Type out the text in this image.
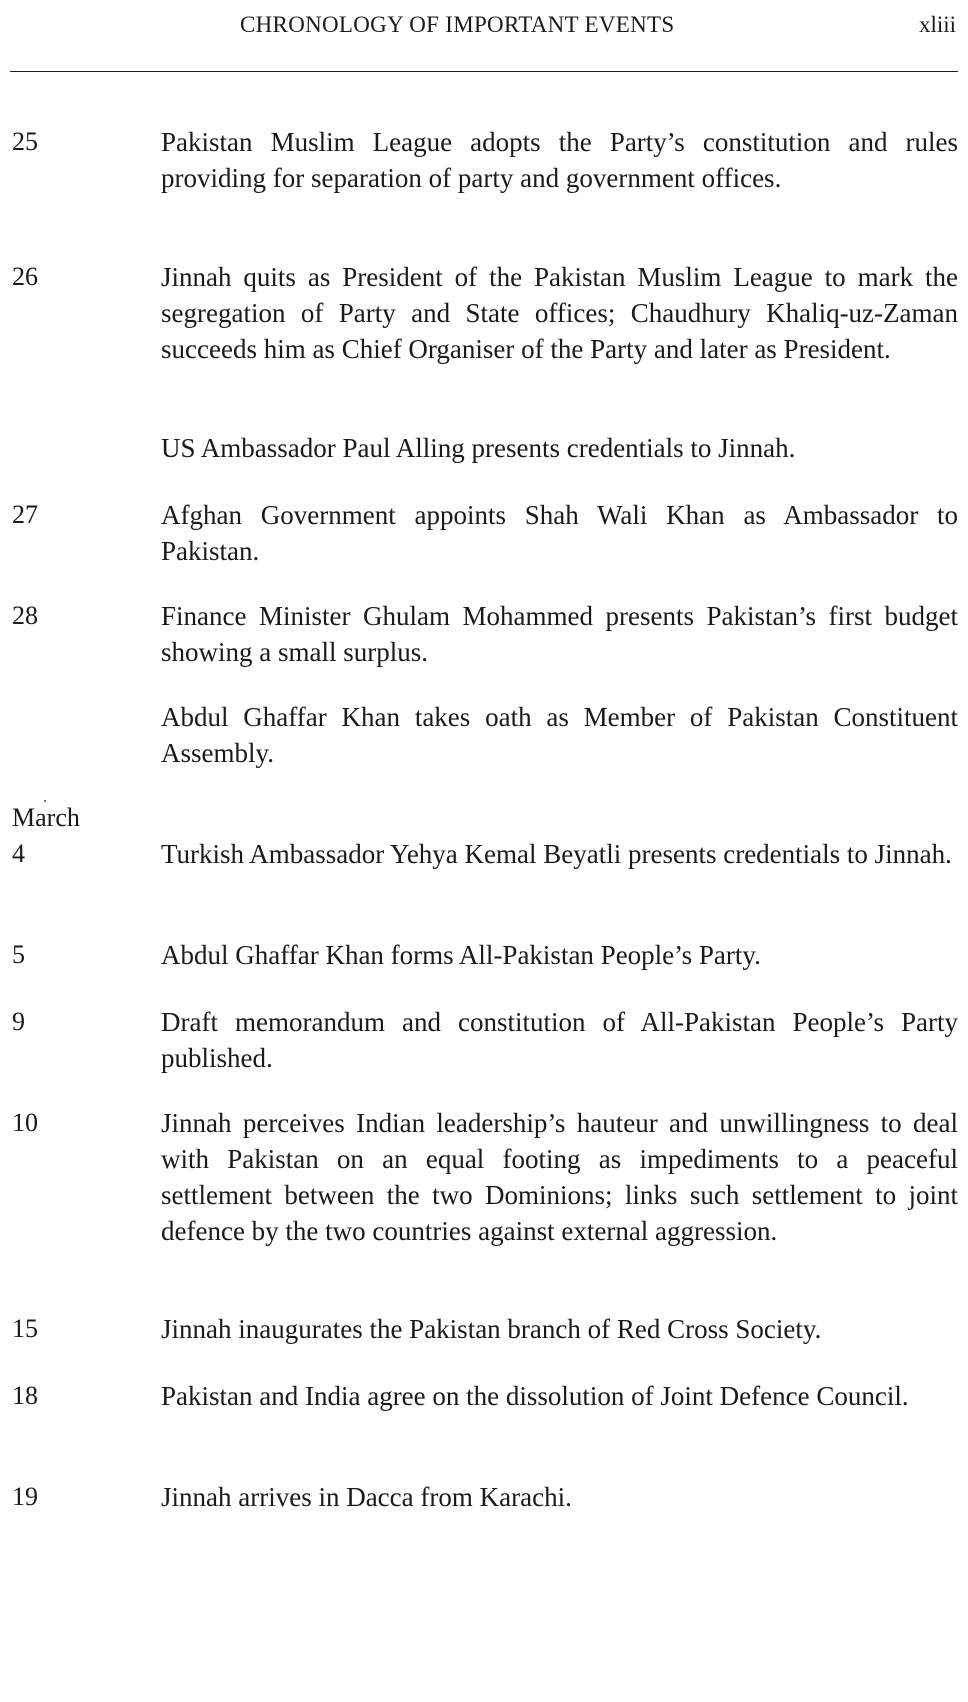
CHRONOLOGY OF IMPORTANT EVENTS	xliii
25	Pakistan Muslim League adopts the Party’s constitution and rules providing for separation of party and government offices.
26	Jinnah quits as President of the Pakistan Muslim League to mark the segregation of Party and State offices; Chaudhury Khaliq-uz-Zaman succeeds him as Chief Organiser of the Party and later as President.
US Ambassador Paul Alling presents credentials to Jinnah.
27	Afghan Government appoints Shah Wali Khan as Ambassador to Pakistan.
28	Finance Minister Ghulam Mohammed presents Pakistan’s first budget showing a small surplus.
Abdul Ghaffar Khan takes oath as Member of Pakistan Constituent Assembly.
March
4	Turkish Ambassador Yehya Kemal Beyatli presents credentials to Jinnah.
5	Abdul Ghaffar Khan forms All-Pakistan People’s Party.
9	Draft memorandum and constitution of All-Pakistan People’s Party published.
10	Jinnah perceives Indian leadership’s hauteur and unwillingness to deal with Pakistan on an equal footing as impediments to a peaceful settlement between the two Dominions; links such settlement to joint defence by the two countries against external aggression.
15	Jinnah inaugurates the Pakistan branch of Red Cross Society.
18	Pakistan and India agree on the dissolution of Joint Defence Council.
19	Jinnah arrives in Dacca from Karachi.
